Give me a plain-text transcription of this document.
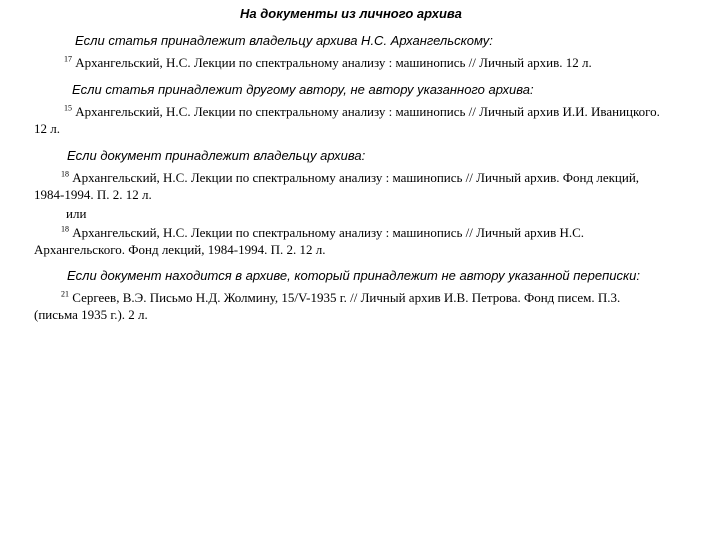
На документы из личного архива
Если статья принадлежит владельцу архива Н.С. Архангельскому:
$^{17}$ Архангельский, Н.С. Лекции по спектральному анализу : машинопись // Личный архив. 12 л.
Если статья принадлежит другому автору, не автору указанного архива:
$^{15}$ Архангельский, Н.С. Лекции по спектральному анализу : машинопись // Личный архив И.И. Иваницкого.
12 л.
Если документ принадлежит владельцу архива:
$^{18}$ Архангельский, Н.С. Лекции по спектральному анализу : машинопись // Личный архив. Фонд лекций,
1984-1994. П. 2. 12 л.
или
$^{18}$ Архангельский, Н.С. Лекции по спектральному анализу : машинопись // Личный архив Н.С.
Архангельского. Фонд лекций, 1984-1994. П. 2. 12 л.
Если документ находится в архиве, который принадлежит не автору указанной переписки:
$^{21}$ Сергеев, В.Э. Письмо Н.Д. Жолмину, 15/V-1935 г. // Личный архив И.В. Петрова. Фонд писем. П.3.
(письма 1935 г.). 2 л.
